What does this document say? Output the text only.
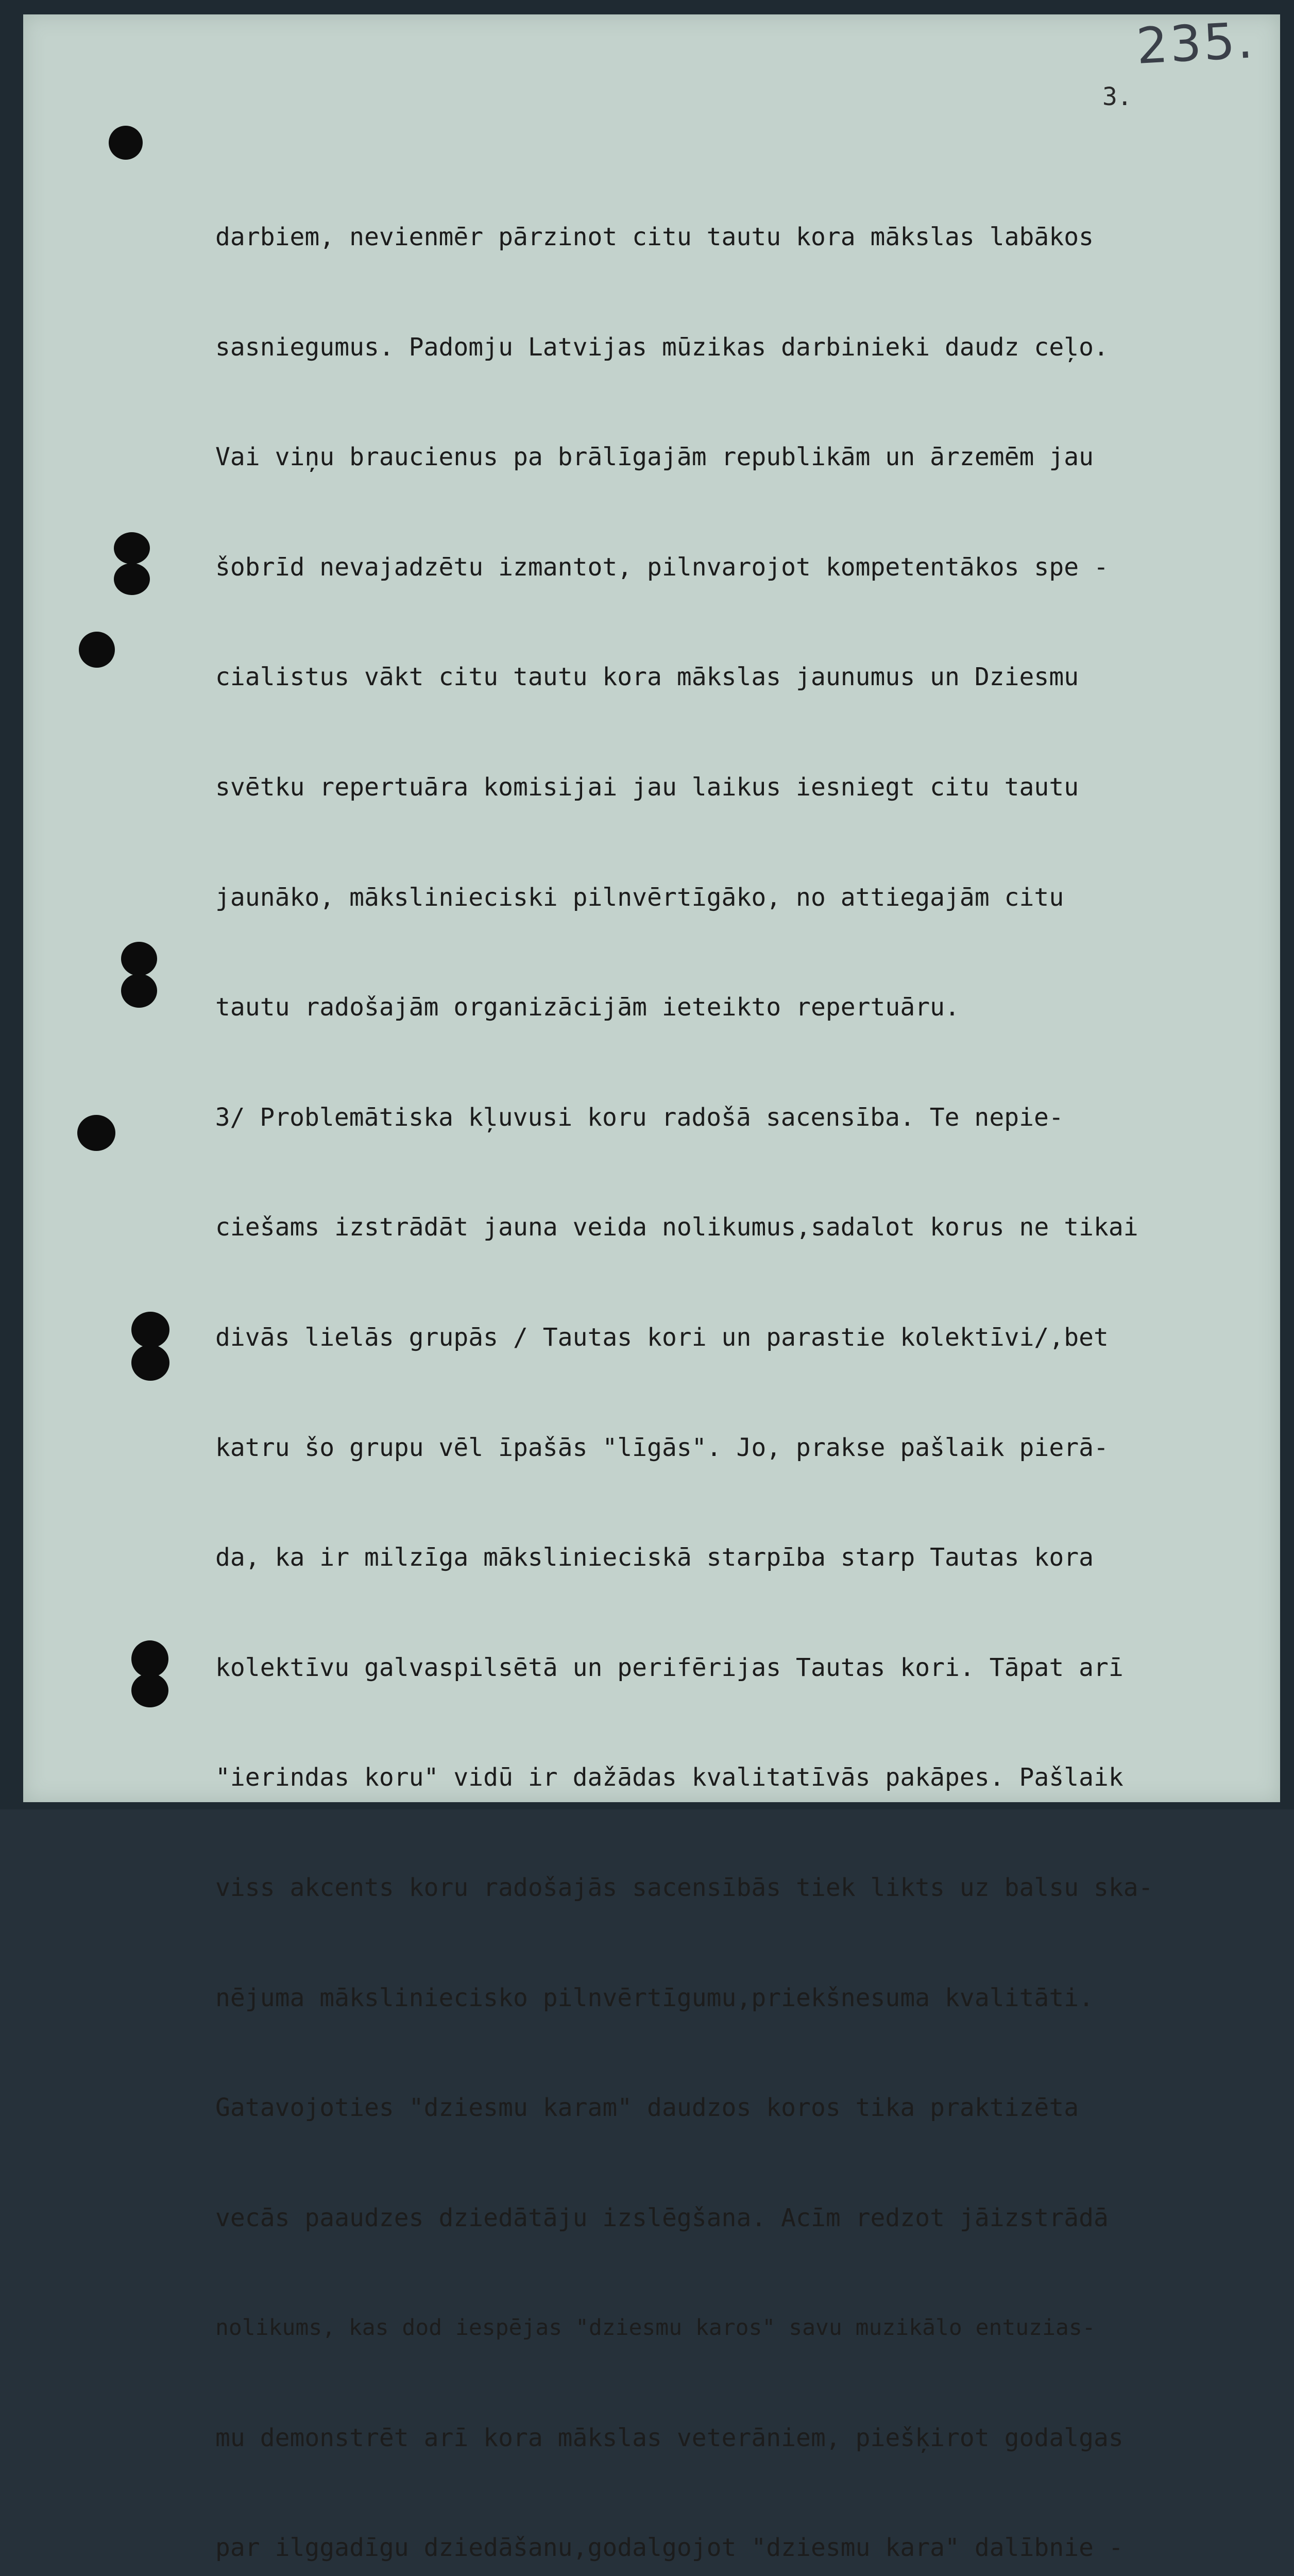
235.
3.

darbiem, nevienmēr pārzinot citu tautu kora mākslas labākos

sasniegumus. Padomju Latvijas mūzikas darbinieki daudz ceļo.

Vai viņu braucienus pa brālīgajām republikām un ārzemēm jau

šobrīd nevajadzētu izmantot, pilnvarojot kompetentākos spe -

cialistus vākt citu tautu kora mākslas jaunumus un Dziesmu

svētku repertuāra komisijai jau laikus iesniegt citu tautu

jaunāko, mākslinieciski pilnvērtīgāko, no attiegajām citu

tautu radošajām organizācijām ieteikto repertuāru.

3/ Problemātiska kļuvusi koru radošā sacensība. Te nepie-

ciešams izstrādāt jauna veida nolikumus,sadalot korus ne tikai

divās lielās grupās / Tautas kori un parastie kolektīvi/,bet

katru šo grupu vēl īpašās "līgās". Jo, prakse pašlaik pierā-

da, ka ir milzīga mākslinieciskā starpība starp Tautas kora

kolektīvu galvaspilsētā un perifērijas Tautas kori. Tāpat arī

"ierindas koru" vidū ir dažādas kvalitatīvās pakāpes. Pašlaik

viss akcents koru radošajās sacensībās tiek likts uz balsu ska-

nējuma mākslinieciskо pilnvērtīgumu,priekšnesuma kvalitāti.

Gatavojoties "dziesmu karam" daudzos koros tika praktizēta

vecās paaudzes dziedātāju izslēgšana. Acīm redzot jāizstrādā

nolikums, kas dod iespējas "dziesmu karos" savu muzikālo entuzias-

mu demonstrēt arī kora mākslas veterāniem, piešķirot godalgas

par ilggadīgu dziedāšanu,godalgojot "dziesmu kara" dalībnie -
